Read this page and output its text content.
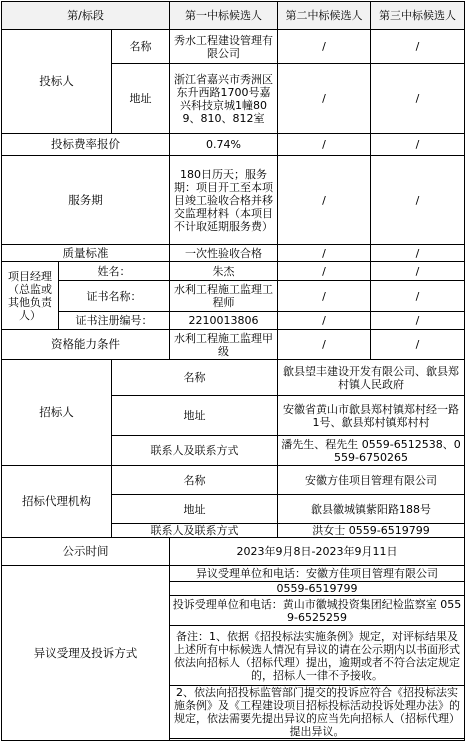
第/标段			第一中标候选人	第二中标候选人	第三中标候选人
投标人		名称	秀水工程建设管理有限公司	/	/
		地址	浙江省嘉兴市秀洲区东升西路1700号嘉兴科技京城1幢809、810、812室	/	/
投标费率报价			0.74%	/	/
服务期			180日历天；服务期：项目开工至本项目竣工验收合格并移交监理材料（本项目不计取延期服务费）	/	/
质量标准			一次性验收合格	/	/
项目经理（总监或其他负责人）	姓名：		朱杰	/	/
	证书名称：		水利工程施工监理工程师	/	/
	证书注册编号：		2210013806	/	/
资格能力条件			水利工程施工监理甲级	/	/
招标人		名称		歙县望丰建设开发有限公司、歙县郑村镇人民政府	
		地址		安徽省黄山市歙县郑村镇郑村经一路1号、歙县郑村镇郑村村	
		联系人及联系方式		潘先生、程先生 0559-6512538、0559-6750265	
招标代理机构		名称		安徽方佳项目管理有限公司	
		地址		歙县徽城镇紫阳路188号	
		联系人及联系方式		洪女士 0559-6519799	
公示时间			2023年9月8日-2023年9月11日		
异议受理及投诉方式			异议受理单位和电话：安徽方佳项目管理有限公司		
			0559-6519799		
			投诉受理单位和电话：黄山市徽城投资集团纪检监察室 0559-6525259		
			备注：1、依据《招投标法实施条例》规定，对评标结果及上述所有中标候选人情况有异议的请在公示期内以书面形式依法向招标人（招标代理）提出，逾期或者不符合法定规定的，招标人一律不予接收。		
			2、依法向招投标监管部门提交的投诉应符合《招投标法实施条例》及《工程建设项目招标投标活动投诉处理办法》的规定，依法需要先提出异议的应当先向招标人（招标代理）提出异议。		
